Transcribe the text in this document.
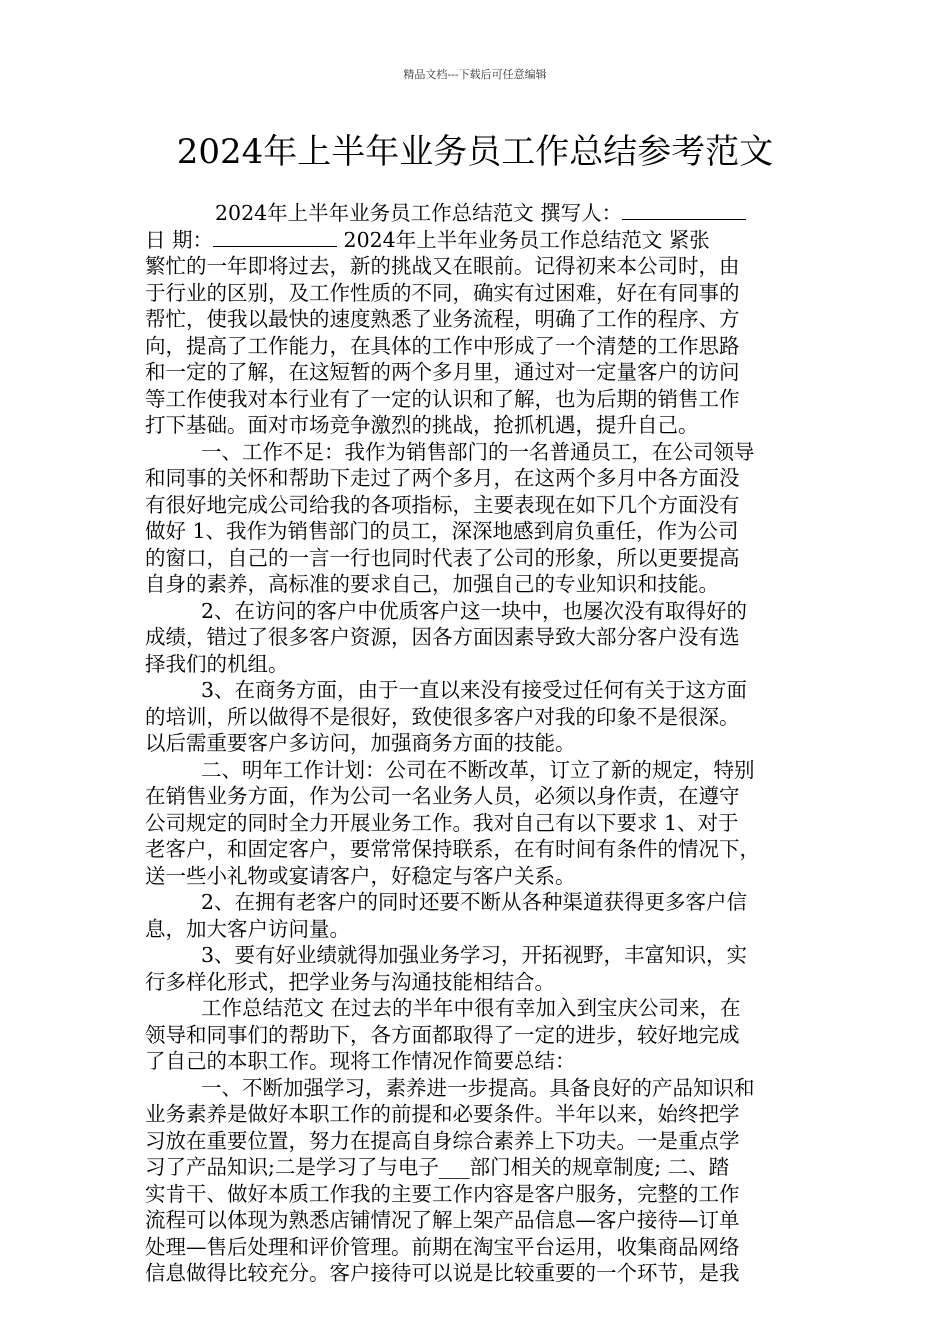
精品文档---下载后可任意编辑
2024年上半年业务员工作总结参考范文
2024年上半年业务员工作总结范文 撰写人：
日 期：	2024年上半年业务员工作总结范文 紧张
繁忙的一年即将过去，新的挑战又在眼前。记得初来本公司时，由
于行业的区别，及工作性质的不同，确实有过困难，好在有同事的
帮忙，使我以最快的速度熟悉了业务流程，明确了工作的程序、方
向，提高了工作能力，在具体的工作中形成了一个清楚的工作思路
和一定的了解，在这短暂的两个多月里，通过对一定量客户的访问
等工作使我对本行业有了一定的认识和了解，也为后期的销售工作
打下基础。面对市场竞争激烈的挑战，抢抓机遇，提升自己。
一、工作不足：我作为销售部门的一名普通员工，在公司领导
和同事的关怀和帮助下走过了两个多月，在这两个多月中各方面没
有很好地完成公司给我的各项指标，主要表现在如下几个方面没有
做好 1、我作为销售部门的员工，深深地感到肩负重任，作为公司
的窗口，自己的一言一行也同时代表了公司的形象，所以更要提高
自身的素养，高标准的要求自己，加强自己的专业知识和技能。
2、在访问的客户中优质客户这一块中，也屡次没有取得好的
成绩，错过了很多客户资源，因各方面因素导致大部分客户没有选
择我们的机组。
3、在商务方面，由于一直以来没有接受过任何有关于这方面
的培训，所以做得不是很好，致使很多客户对我的印象不是很深。
以后需重要客户多访问，加强商务方面的技能。
二、明年工作计划：公司在不断改革，订立了新的规定，特别
在销售业务方面，作为公司一名业务人员，必须以身作责，在遵守
公司规定的同时全力开展业务工作。我对自己有以下要求 1、对于
老客户，和固定客户，要常常保持联系，在有时间有条件的情况下，
送一些小礼物或宴请客户，好稳定与客户关系。
2、在拥有老客户的同时还要不断从各种渠道获得更多客户信
息，加大客户访问量。
3、要有好业绩就得加强业务学习，开拓视野，丰富知识，实
行多样化形式，把学业务与沟通技能相结合。
工作总结范文 在过去的半年中很有幸加入到宝庆公司来，在
领导和同事们的帮助下，各方面都取得了一定的进步，较好地完成
了自己的本职工作。现将工作情况作简要总结：
一、不断加强学习，素养进一步提高。具备良好的产品知识和
业务素养是做好本职工作的前提和必要条件。半年以来，始终把学
习放在重要位置，努力在提高自身综合素养上下功夫。一是重点学
习了产品知识;二是学习了与电子___部门相关的规章制度; 二、踏
实肯干、做好本质工作我的主要工作内容是客户服务，完整的工作
流程可以体现为熟悉店铺情况了解上架产品信息—客户接待—订单
处理—售后处理和评价管理。前期在淘宝平台运用，收集商品网络
信息做得比较充分。客户接待可以说是比较重要的一个环节，是我
